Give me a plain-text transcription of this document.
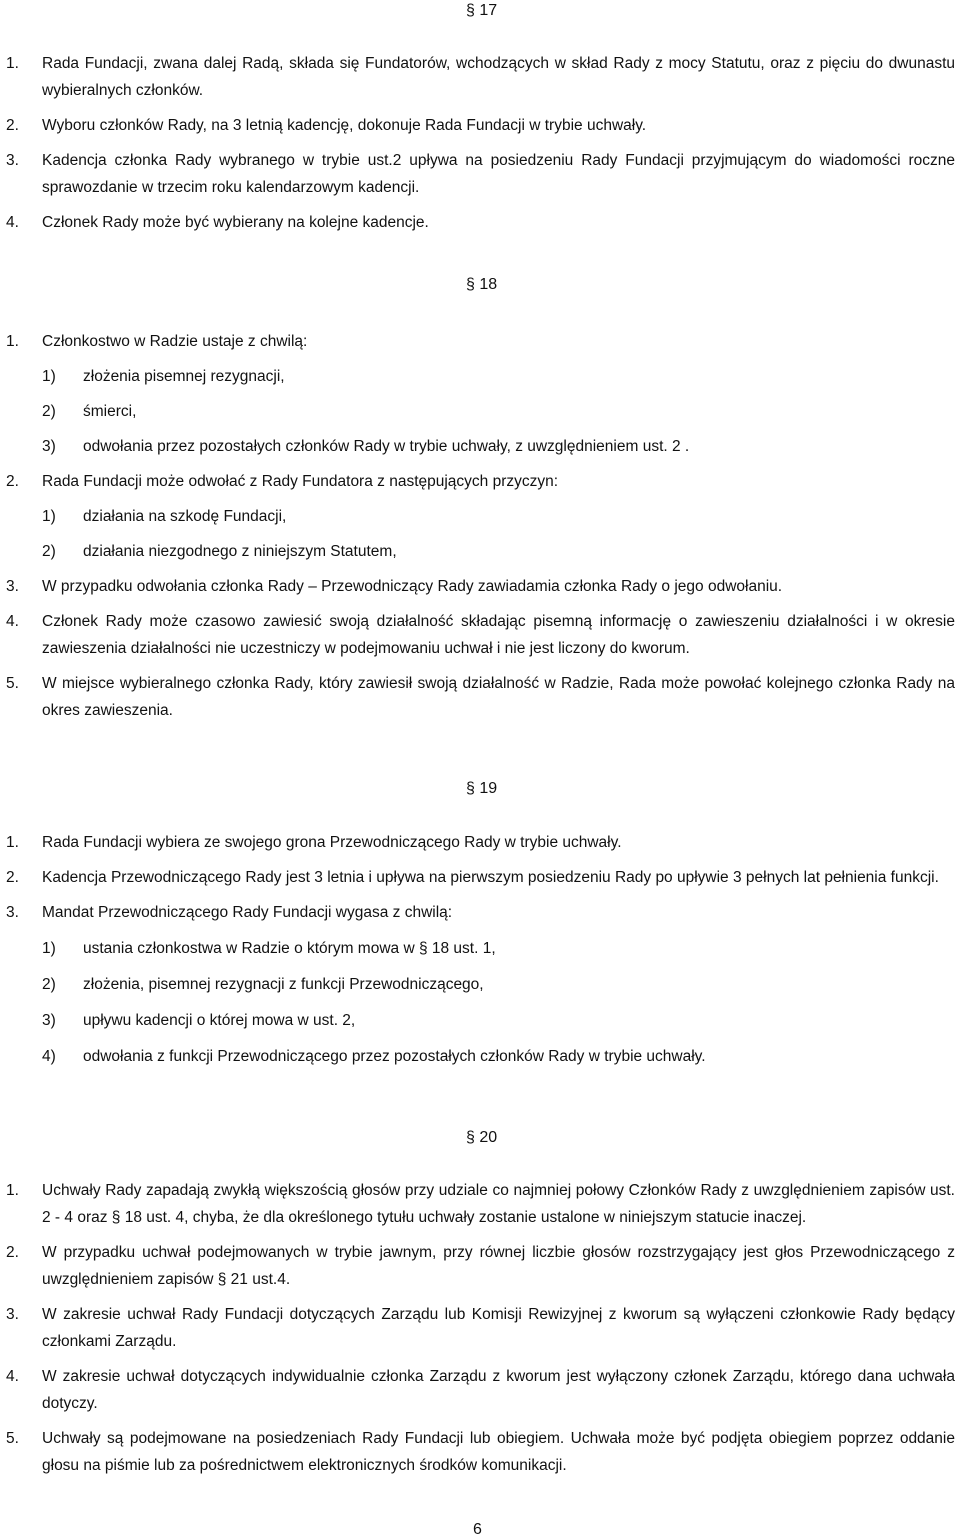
§ 17
1. Rada Fundacji, zwana dalej Radą, składa się Fundatorów, wchodzących w skład Rady z mocy Statutu, oraz z pięciu do dwunastu wybieralnych członków.
2. Wyboru członków Rady, na 3 letnią kadencję, dokonuje Rada Fundacji w trybie uchwały.
3. Kadencja członka Rady wybranego w trybie ust.2 upływa na posiedzeniu Rady Fundacji przyjmującym do wiadomości roczne sprawozdanie w trzecim roku kalendarzowym kadencji.
4. Członek Rady może być wybierany na kolejne kadencje.
§ 18
1. Członkostwo w Radzie ustaje z chwilą:
1) złożenia pisemnej rezygnacji,
2) śmierci,
3) odwołania przez pozostałych członków Rady w trybie uchwały, z uwzględnieniem ust. 2 .
2. Rada Fundacji może odwołać z Rady Fundatora z następujących przyczyn:
1) działania na szkodę Fundacji,
2) działania niezgodnego z niniejszym Statutem,
3. W przypadku odwołania członka Rady – Przewodniczący Rady zawiadamia członka Rady o jego odwołaniu.
4. Członek Rady może czasowo zawiesić swoją działalność składając pisemną informację o zawieszeniu działalności i w okresie zawieszenia działalności nie uczestniczy w podejmowaniu uchwał i nie jest liczony do kworum.
5. W miejsce wybieralnego członka Rady, który zawiesił swoją działalność w Radzie, Rada może powołać kolejnego członka Rady na okres zawieszenia.
§ 19
1. Rada Fundacji wybiera ze swojego grona Przewodniczącego Rady w trybie uchwały.
2. Kadencja Przewodniczącego Rady jest 3 letnia i upływa na pierwszym posiedzeniu Rady po upływie 3 pełnych lat pełnienia funkcji.
3. Mandat Przewodniczącego Rady Fundacji wygasa z chwilą:
1) ustania członkostwa w Radzie o którym mowa w § 18 ust. 1,
2) złożenia, pisemnej rezygnacji z funkcji Przewodniczącego,
3) upływu kadencji o której mowa w ust. 2,
4) odwołania z funkcji Przewodniczącego przez pozostałych członków Rady w trybie uchwały.
§ 20
1. Uchwały Rady zapadają zwykłą większością głosów przy udziale co najmniej połowy Członków Rady z uwzględnieniem zapisów ust. 2 - 4 oraz § 18 ust. 4, chyba, że dla określonego tytułu uchwały zostanie ustalone w niniejszym statucie inaczej.
2. W przypadku uchwał podejmowanych w trybie jawnym, przy równej liczbie głosów rozstrzygający jest głos Przewodniczącego z uwzględnieniem zapisów § 21 ust.4.
3. W zakresie uchwał Rady Fundacji dotyczących Zarządu lub Komisji Rewizyjnej z kworum są wyłączeni członkowie Rady będący członkami Zarządu.
4. W zakresie uchwał dotyczących indywidualnie członka Zarządu z kworum jest wyłączony członek Zarządu, którego dana uchwała dotyczy.
5. Uchwały są podejmowane na posiedzeniach Rady Fundacji lub obiegiem. Uchwała może być podjęta obiegiem poprzez oddanie głosu na piśmie lub za pośrednictwem elektronicznych środków komunikacji.
6
